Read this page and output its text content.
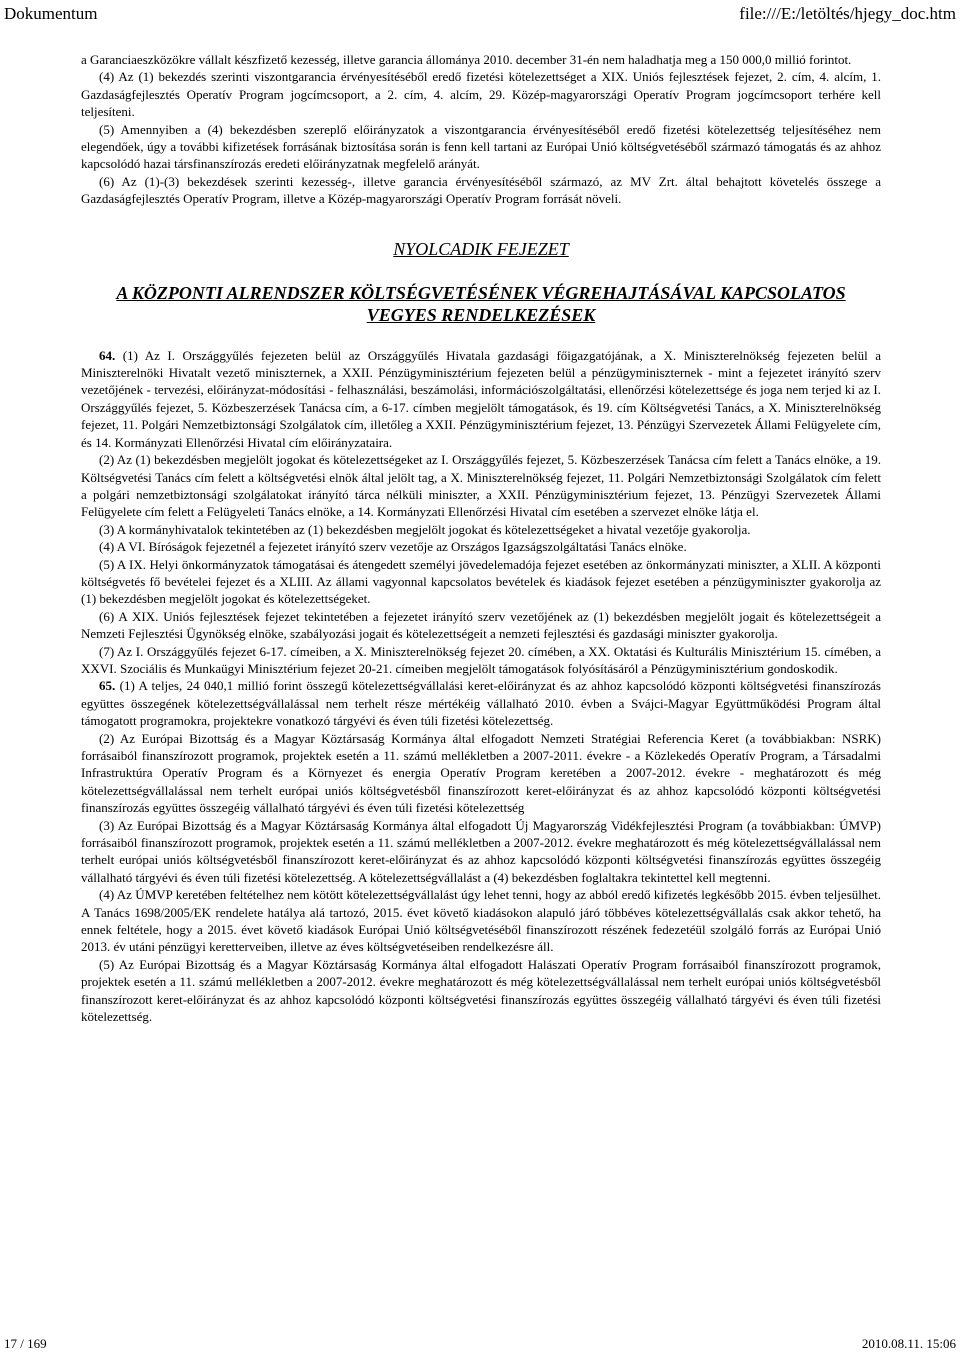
Dokumentum	file:///E:/letöltés/hjegy_doc.htm

a Garanciaeszközökre vállalt készfizető kezesség, illetve garancia állománya 2010. december 31-én nem haladhatja meg a 150 000,0 millió forintot.

(4) Az (1) bekezdés szerinti viszontgarancia érvényesítéséből eredő fizetési kötelezettséget a XIX. Uniós fejlesztések fejezet, 2. cím, 4. alcím, 1. Gazdaságfejlesztés Operatív Program jogcímcsoport, a 2. cím, 4. alcím, 29. Közép-magyarországi Operatív Program jogcímcsoport terhére kell teljesíteni.

(5) Amennyiben a (4) bekezdésben szereplő előirányzatok a viszontgarancia érvényesítéséből eredő fizetési kötelezettség teljesítéséhez nem elegendőek, úgy a további kifizetések forrásának biztosítása során is fenn kell tartani az Európai Unió költségvetéséből származó támogatás és az ahhoz kapcsolódó hazai társfinanszírozás eredeti előirányzatnak megfelelő arányát.

(6) Az (1)-(3) bekezdések szerinti kezesség-, illetve garancia érvényesítéséből származó, az MV Zrt. által behajtott követelés összege a Gazdaságfejlesztés Operatív Program, illetve a Közép-magyarországi Operatív Program forrását növeli.

NYOLCADIK FEJEZET

A KÖZPONTI ALRENDSZER KÖLTSÉGVETÉSÉNEK VÉGREHAJTÁSÁVAL KAPCSOLATOS VEGYES RENDELKEZÉSEK

64. (1) Az I. Országgyűlés fejezeten belül az Országgyűlés Hivatala gazdasági főigazgatójának, a X. Miniszterelnökség fejezeten belül a Miniszterelnöki Hivatalt vezető miniszternek, a XXII. Pénzügyminisztérium fejezeten belül a pénzügyminiszternek - mint a fejezetet irányító szerv vezetőjének - tervezési, előirányzat-módosítási - felhasználási, beszámolási, információszolgáltatási, ellenőrzési kötelezettsége és joga nem terjed ki az I. Országgyűlés fejezet, 5. Közbeszerzések Tanácsa cím, a 6-17. címben megjelölt támogatások, és 19. cím Költségvetési Tanács, a X. Miniszterelnökség fejezet, 11. Polgári Nemzetbiztonsági Szolgálatok cím, illetőleg a XXII. Pénzügyminisztérium fejezet, 13. Pénzügyi Szervezetek Állami Felügyelete cím, és 14. Kormányzati Ellenőrzési Hivatal cím előirányzataira.

(2) Az (1) bekezdésben megjelölt jogokat és kötelezettségeket az I. Országgyűlés fejezet, 5. Közbeszerzések Tanácsa cím felett a Tanács elnöke, a 19. Költségvetési Tanács cím felett a költségvetési elnök által jelölt tag, a X. Miniszterelnökség fejezet, 11. Polgári Nemzetbiztonsági Szolgálatok cím felett a polgári nemzetbiztonsági szolgálatokat irányító tárca nélküli miniszter, a XXII. Pénzügyminisztérium fejezet, 13. Pénzügyi Szervezetek Állami Felügyelete cím felett a Felügyeleti Tanács elnöke, a 14. Kormányzati Ellenőrzési Hivatal cím esetében a szervezet elnöke látja el.

(3) A kormányhivatalok tekintetében az (1) bekezdésben megjelölt jogokat és kötelezettségeket a hivatal vezetője gyakorolja.

(4) A VI. Bíróságok fejezetnél a fejezetet irányító szerv vezetője az Országos Igazságszolgáltatási Tanács elnöke.

(5) A IX. Helyi önkormányzatok támogatásai és átengedett személyi jövedelemadója fejezet esetében az önkormányzati miniszter, a XLII. A központi költségvetés fő bevételei fejezet és a XLIII. Az állami vagyonnal kapcsolatos bevételek és kiadások fejezet esetében a pénzügyminiszter gyakorolja az (1) bekezdésben megjelölt jogokat és kötelezettségeket.

(6) A XIX. Uniós fejlesztések fejezet tekintetében a fejezetet irányító szerv vezetőjének az (1) bekezdésben megjelölt jogait és kötelezettségeit a Nemzeti Fejlesztési Ügynökség elnöke, szabályozási jogait és kötelezettségeit a nemzeti fejlesztési és gazdasági miniszter gyakorolja.

(7) Az I. Országgyűlés fejezet 6-17. címeiben, a X. Miniszterelnökség fejezet 20. címében, a XX. Oktatási és Kulturális Minisztérium 15. címében, a XXVI. Szociális és Munkaügyi Minisztérium fejezet 20-21. címeiben megjelölt támogatások folyósításáról a Pénzügyminisztérium gondoskodik.

65. (1) A teljes, 24 040,1 millió forint összegű kötelezettségvállalási keret-előirányzat és az ahhoz kapcsolódó központi költségvetési finanszírozás együttes összegének kötelezettségvállalással nem terhelt része mértékéig vállalható 2010. évben a Svájci-Magyar Együttműködési Program által támogatott programokra, projektekre vonatkozó tárgyévi és éven túli fizetési kötelezettség.

(2) Az Európai Bizottság és a Magyar Köztársaság Kormánya által elfogadott Nemzeti Stratégiai Referencia Keret (a továbbiakban: NSRK) forrásaiból finanszírozott programok, projektek esetén a 11. számú mellékletben a 2007-2011. évekre - a Közlekedés Operatív Program, a Társadalmi Infrastruktúra Operatív Program és a Környezet és energia Operatív Program keretében a 2007-2012. évekre - meghatározott és még kötelezettségvállalással nem terhelt európai uniós költségvetésből finanszírozott keret-előirányzat és az ahhoz kapcsolódó központi költségvetési finanszírozás együttes összegéig vállalható tárgyévi és éven túli fizetési kötelezettség

(3) Az Európai Bizottság és a Magyar Köztársaság Kormánya által elfogadott Új Magyarország Vidékfejlesztési Program (a továbbiakban: ÚMVP) forrásaiból finanszírozott programok, projektek esetén a 11. számú mellékletben a 2007-2012. évekre meghatározott és még kötelezettségvállalással nem terhelt európai uniós költségvetésből finanszírozott keret-előirányzat és az ahhoz kapcsolódó központi költségvetési finanszírozás együttes összegéig vállalható tárgyévi és éven túli fizetési kötelezettség. A kötelezettségvállalást a (4) bekezdésben foglaltakra tekintettel kell megtenni.

(4) Az ÚMVP keretében feltételhez nem kötött kötelezettségvállalást úgy lehet tenni, hogy az abból eredő kifizetés legkésőbb 2015. évben teljesülhet. A Tanács 1698/2005/EK rendelete hatálya alá tartozó, 2015. évet követő kiadásokon alapuló járó többéves kötelezettségvállalás csak akkor tehető, ha ennek feltétele, hogy a 2015. évet követő kiadások Európai Unió költségvetéséből finanszírozott részének fedezetéül szolgáló forrás az Európai Unió 2013. év utáni pénzügyi keretterveiben, illetve az éves költségvetéseiben rendelkezésre áll.

(5) Az Európai Bizottság és a Magyar Köztársaság Kormánya által elfogadott Halászati Operatív Program forrásaiból finanszírozott programok, projektek esetén a 11. számú mellékletben a 2007-2012. évekre meghatározott és még kötelezettségvállalással nem terhelt európai uniós költségvetésből finanszírozott keret-előirányzat és az ahhoz kapcsolódó központi költségvetési finanszírozás együttes összegéig vállalható tárgyévi és éven túli fizetési kötelezettség.

17 / 169	2010.08.11. 15:06
